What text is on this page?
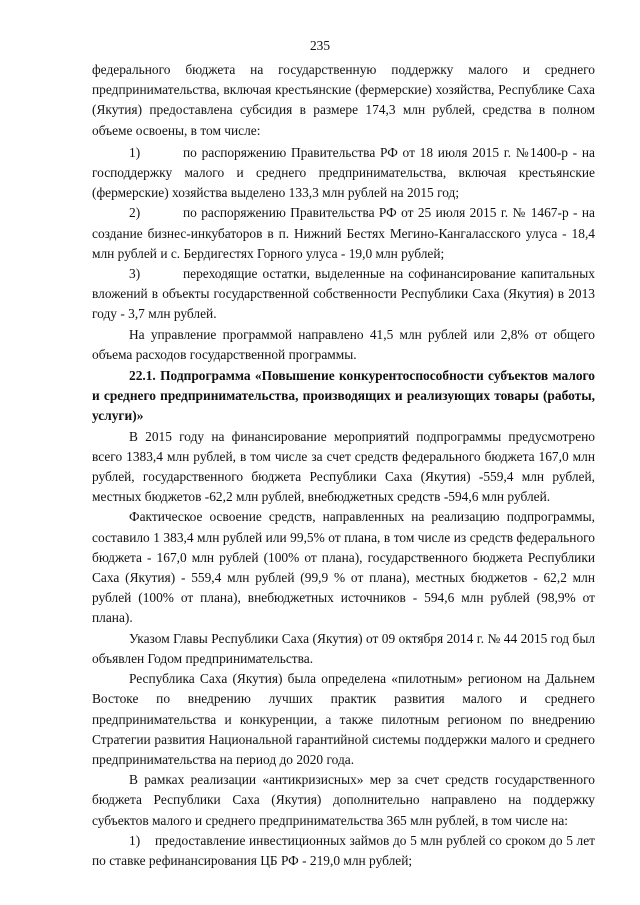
235

федерального бюджета на государственную поддержку малого и среднего предпринимательства, включая крестьянские (фермерские) хозяйства, Республике Саха (Якутия) предоставлена субсидия в размере 174,3 млн рублей, средства в полном объеме освоены, в том числе:

1)	по распоряжению Правительства РФ от 18 июля 2015 г. №1400-р - на господдержку малого и среднего предпринимательства, включая крестьянские (фермерские) хозяйства выделено 133,3 млн рублей на 2015 год;

2)	по распоряжению Правительства РФ от 25 июля 2015 г. № 1467-р - на создание бизнес-инкубаторов в п. Нижний Бестях Мегино-Кангаласского улуса - 18,4 млн рублей и с. Бердигестях Горного улуса - 19,0 млн рублей;

3)	переходящие остатки, выделенные на софинансирование капитальных вложений в объекты государственной собственности Республики Саха (Якутия) в 2013 году - 3,7 млн рублей.

На управление программой направлено 41,5 млн рублей или 2,8% от общего объема расходов государственной программы.

22.1. Подпрограмма «Повышение конкурентоспособности субъектов малого и среднего предпринимательства, производящих и реализующих товары (работы, услуги)»

В 2015 году на финансирование мероприятий подпрограммы предусмотрено всего 1383,4 млн рублей, в том числе за счет средств федерального бюджета 167,0 млн рублей, государственного бюджета Республики Саха (Якутия) -559,4 млн рублей, местных бюджетов -62,2 млн рублей, внебюджетных средств -594,6 млн рублей.

Фактическое освоение средств, направленных на реализацию подпрограммы, составило 1 383,4 млн рублей или 99,5% от плана, в том числе из средств федерального бюджета - 167,0 млн рублей (100% от плана), государственного бюджета Республики Саха (Якутия) - 559,4 млн рублей (99,9 % от плана), местных бюджетов - 62,2 млн рублей (100% от плана), внебюджетных источников - 594,6 млн рублей (98,9% от плана).

Указом Главы Республики Саха (Якутия) от 09 октября 2014 г. № 44 2015 год был объявлен Годом предпринимательства.

Республика Саха (Якутия) была определена «пилотным» регионом на Дальнем Востоке по внедрению лучших практик развития малого и среднего предпринимательства и конкуренции, а также пилотным регионом по внедрению Стратегии развития Национальной гарантийной системы поддержки малого и среднего предпринимательства на период до 2020 года.

В рамках реализации «антикризисных» мер за счет средств государственного бюджета Республики Саха (Якутия) дополнительно направлено на поддержку субъектов малого и среднего предпринимательства 365 млн рублей, в том числе на:

1) предоставление инвестиционных займов до 5 млн рублей со сроком до 5 лет по ставке рефинансирования ЦБ РФ - 219,0 млн рублей;
